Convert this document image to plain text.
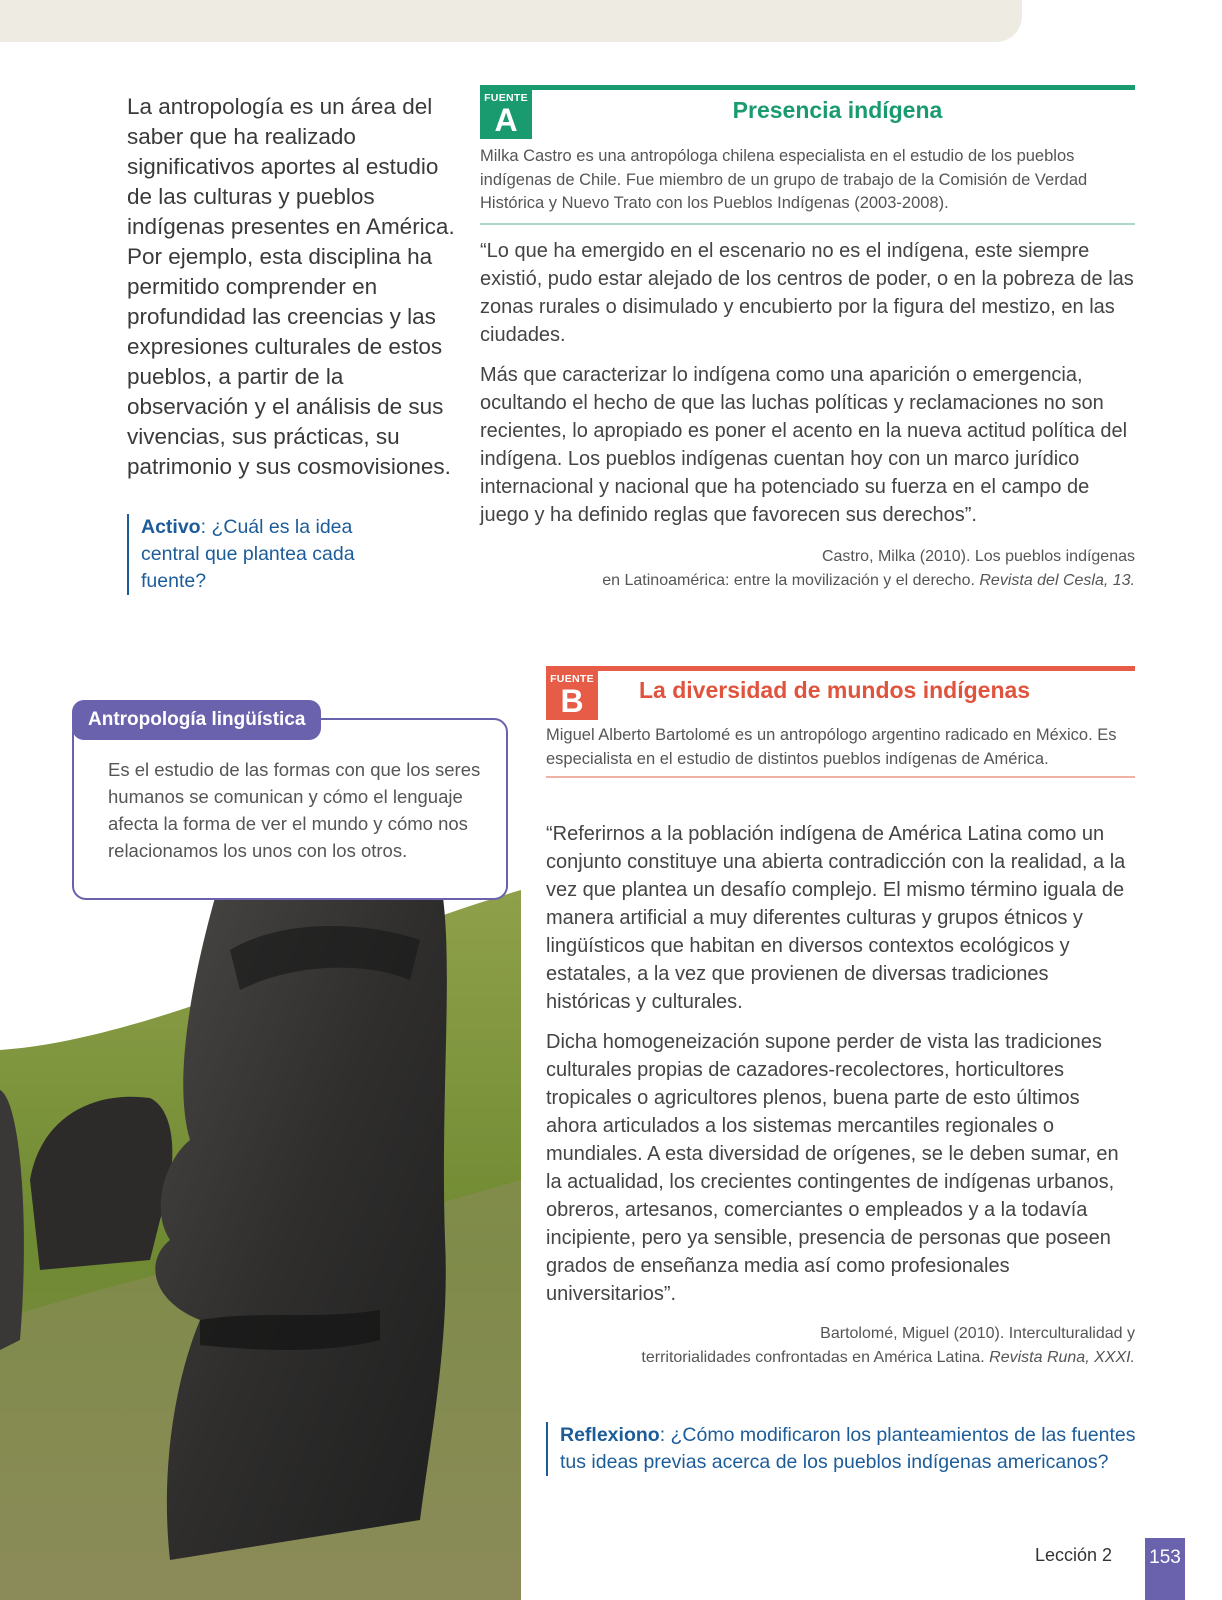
La antropología es un área del saber que ha realizado significativos aportes al estudio de las culturas y pueblos indígenas presentes en América. Por ejemplo, esta disciplina ha permitido comprender en profundidad las creencias y las expresiones culturales de estos pueblos, a partir de la observación y el análisis de sus vivencias, sus prácticas, su patrimonio y sus cosmovisiones.

Activo: ¿Cuál es la idea central que plantea cada fuente?
FUENTE
A	Presencia indígena
Milka Castro es una antropóloga chilena especialista en el estudio de los pueblos indígenas de Chile. Fue miembro de un grupo de trabajo de la Comisión de Verdad Histórica y Nuevo Trato con los Pueblos Indígenas (2003-2008).

“Lo que ha emergido en el escenario no es el indígena, este siempre existió, pudo estar alejado de los centros de poder, o en la pobreza de las zonas rurales o disimulado y encubierto por la figura del mestizo, en las ciudades.

Más que caracterizar lo indígena como una aparición o emergencia, ocultando el hecho de que las luchas políticas y reclamaciones no son recientes, lo apropiado es poner el acento en la nueva actitud política del indígena. Los pueblos indígenas cuentan hoy con un marco jurídico internacional y nacional que ha potenciado su fuerza en el campo de juego y ha definido reglas que favorecen sus derechos”.

Castro, Milka (2010). Los pueblos indígenas
en Latinoamérica: entre la movilización y el derecho. Revista del Cesla, 13.
Antropología lingüística
Es el estudio de las formas con que los seres humanos se comunican y cómo el lenguaje afecta la forma de ver el mundo y cómo nos relacionamos los unos con los otros.
FUENTE
B	La diversidad de mundos indígenas
Miguel Alberto Bartolomé es un antropólogo argentino radicado en México. Es especialista en el estudio de distintos pueblos indígenas de América.

“Referirnos a la población indígena de América Latina como un conjunto constituye una abierta contradicción con la realidad, a la vez que plantea un desafío complejo. El mismo término iguala de manera artificial a muy diferentes culturas y grupos étnicos y lingüísticos que habitan en diversos contextos ecológicos y estatales, a la vez que provienen de diversas tradiciones históricas y culturales.

Dicha homogeneización supone perder de vista las tradiciones culturales propias de cazadores-recolectores, horticultores tropicales o agricultores plenos, buena parte de esto últimos ahora articulados a los sistemas mercantiles regionales o mundiales. A esta diversidad de orígenes, se le deben sumar, en la actualidad, los crecientes contingentes de indígenas urbanos, obreros, artesanos, comerciantes o empleados y a la todavía incipiente, pero ya sensible, presencia de personas que poseen grados de enseñanza media así como profesionales universitarios”.

Bartolomé, Miguel (2010). Interculturalidad y
territorialidades confrontadas en América Latina. Revista Runa, XXXI.
Reflexiono: ¿Cómo modificaron los planteamientos de las fuentes tus ideas previas acerca de los pueblos indígenas americanos?
Lección 2 153
